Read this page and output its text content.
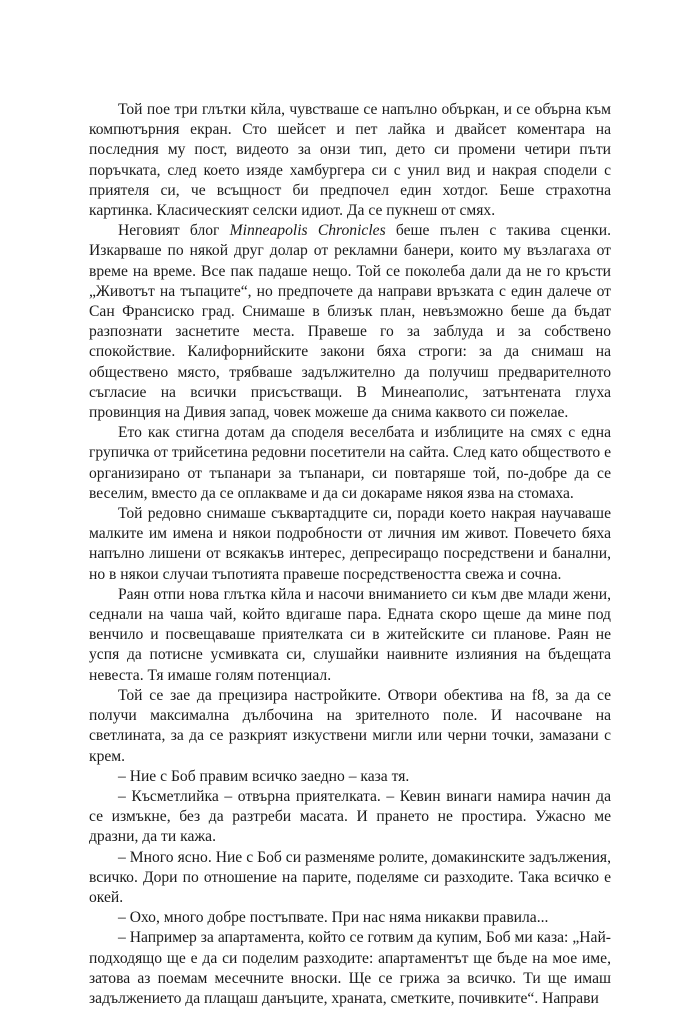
Той пое три глътки кйла, чувстваше се напълно объркан, и се обърна към компютърния екран. Сто шейсет и пет лайка и двайсет коментара на последния му пост, видеото за онзи тип, дето си промени четири пъти поръчката, след което изяде хамбургера си с унил вид и накрая сподели с приятеля си, че всъщност би предпочел един хотдог. Беше страхотна картинка. Класическият селски идиот. Да се пукнеш от смях.

Неговият блог Minneapolis Chronicles беше пълен с такива сценки. Изкарваше по някой друг долар от рекламни банери, които му възлагаха от време на време. Все пак падаше нещо. Той се поколеба дали да не го кръсти „Животът на тъпаците“, но предпочете да направи връзката с един далече от Сан Франсиско град. Снимаше в близък план, невъзможно беше да бъдат разпознати заснетите места. Правеше го за заблуда и за собствено спокойствие. Калифорнийските закони бяха строги: за да снимаш на обществено място, трябваше задължително да получиш предварителното съгласие на всички присъстващи. В Минеаполис, затънтената глуха провинция на Дивия запад, човек можеше да снима каквото си пожелае.

Ето как стигна дотам да споделя веселбата и изблиците на смях с една групичка от трийсетина редовни посетители на сайта. След като обществото е организирано от тъпанари за тъпанари, си повтаряше той, по-добре да се веселим, вместо да се оплакваме и да си докараме някоя язва на стомаха.

Той редовно снимаше съквартадците си, поради което накрая научаваше малките им имена и някои подробности от личния им живот. Повечето бяха напълно лишени от всякакъв интерес, депресиращо посредствени и банални, но в някои случаи тъпотията правеше посредствеността свежа и сочна.

Раян отпи нова глътка кйла и насочи вниманието си към две млади жени, седнали на чаша чай, който вдигаше пара. Едната скоро щеше да мине под венчило и посвещаваше приятелката си в житейските си планове. Раян не успя да потисне усмивката си, слушайки наивните излияния на бъдещата невеста. Тя имаше голям потенциал.

Той се зае да прецизира настройките. Отвори обектива на f8, за да се получи максимална дълбочина на зрителното поле. И насочване на светлината, за да се разкрият изкуствени мигли или черни точки, замазани с крем.

– Ние с Боб правим всичко заедно – каза тя.

– Късметлийка – отвърна приятелката. – Кевин винаги намира начин да се измъкне, без да разтреби масата. И прането не простира. Ужасно ме дразни, да ти кажа.

– Много ясно. Ние с Боб си разменяме ролите, домакинските задължения, всичко. Дори по отношение на парите, поделяме си разходите. Така всичко е окей.

– Охо, много добре постъпвате. При нас няма никакви правила...

– Например за апартамента, който се готвим да купим, Боб ми каза: „Най-подходящо ще е да си поделим разходите: апартаментът ще бъде на мое име, затова аз поемам месечните вноски. Ще се грижа за всичко. Ти ще имаш задължението да плащаш данъците, храната, сметките, почивките“. Направи
